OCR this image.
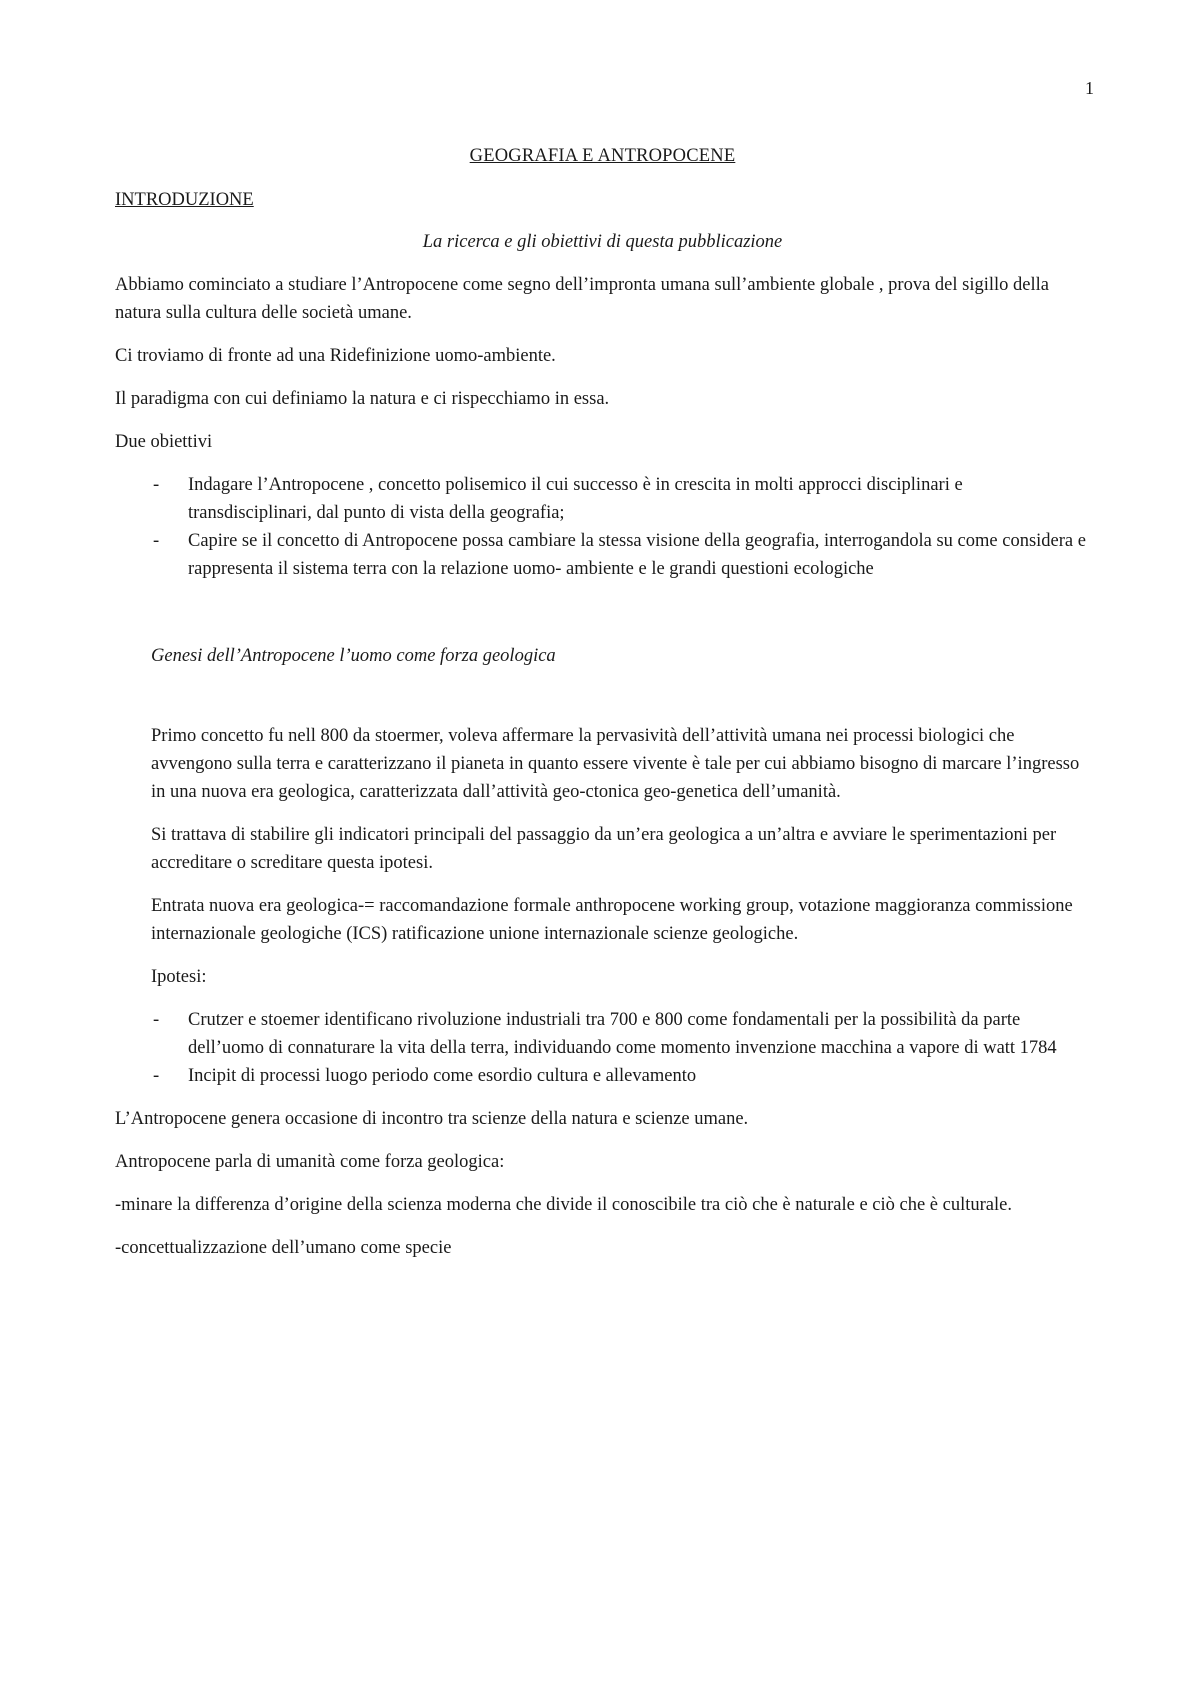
1
GEOGRAFIA E ANTROPOCENE
INTRODUZIONE
La ricerca e gli obiettivi di questa pubblicazione

Abbiamo cominciato a studiare l’Antropocene come segno dell’impronta umana sull’ambiente globale , prova del sigillo della natura sulla cultura delle società umane.

Ci troviamo di fronte ad una Ridefinizione uomo-ambiente.

Il paradigma con cui definiamo la natura e ci rispecchiamo in essa.

Due obiettivi

- Indagare l’Antropocene , concetto polisemico il cui successo è in crescita in molti approcci disciplinari e transdisciplinari, dal punto di vista della geografia;
- Capire se il concetto di Antropocene possa cambiare la stessa visione della geografia, interrogandola su come considera e rappresenta il sistema terra con la relazione uomo- ambiente e le grandi questioni ecologiche
Genesi dell’Antropocene l’uomo come forza geologica

Primo concetto fu nell 800 da stoermer, voleva affermare la pervasività dell’attività umana nei processi biologici che avvengono sulla terra e caratterizzano il pianeta in quanto essere vivente è tale per cui abbiamo bisogno di marcare l’ingresso in una nuova era geologica, caratterizzata dall’attività geo-ctonica geo-genetica dell’umanità.

Si trattava di stabilire gli indicatori principali del passaggio da un’era geologica a un’altra e avviare le sperimentazioni per accreditare o screditare questa ipotesi.

Entrata nuova era geologica-= raccomandazione formale anthropocene working group, votazione maggioranza commissione internazionale geologiche (ICS) ratificazione unione internazionale scienze geologiche.

Ipotesi:

- Crutzer e stoemer identificano rivoluzione industriali tra 700 e 800 come fondamentali per la possibilità da parte dell’uomo di connaturare la vita della terra, individuando come momento invenzione macchina a vapore di watt 1784
- Incipit di processi luogo periodo come esordio cultura e allevamento

L’Antropocene genera occasione di incontro tra scienze della natura e scienze umane.

Antropocene parla di umanità come forza geologica:

-minare la differenza d’origine della scienza moderna che divide il conoscibile tra ciò che è naturale e ciò che è culturale.

-concettualizzazione dell’umano come specie
